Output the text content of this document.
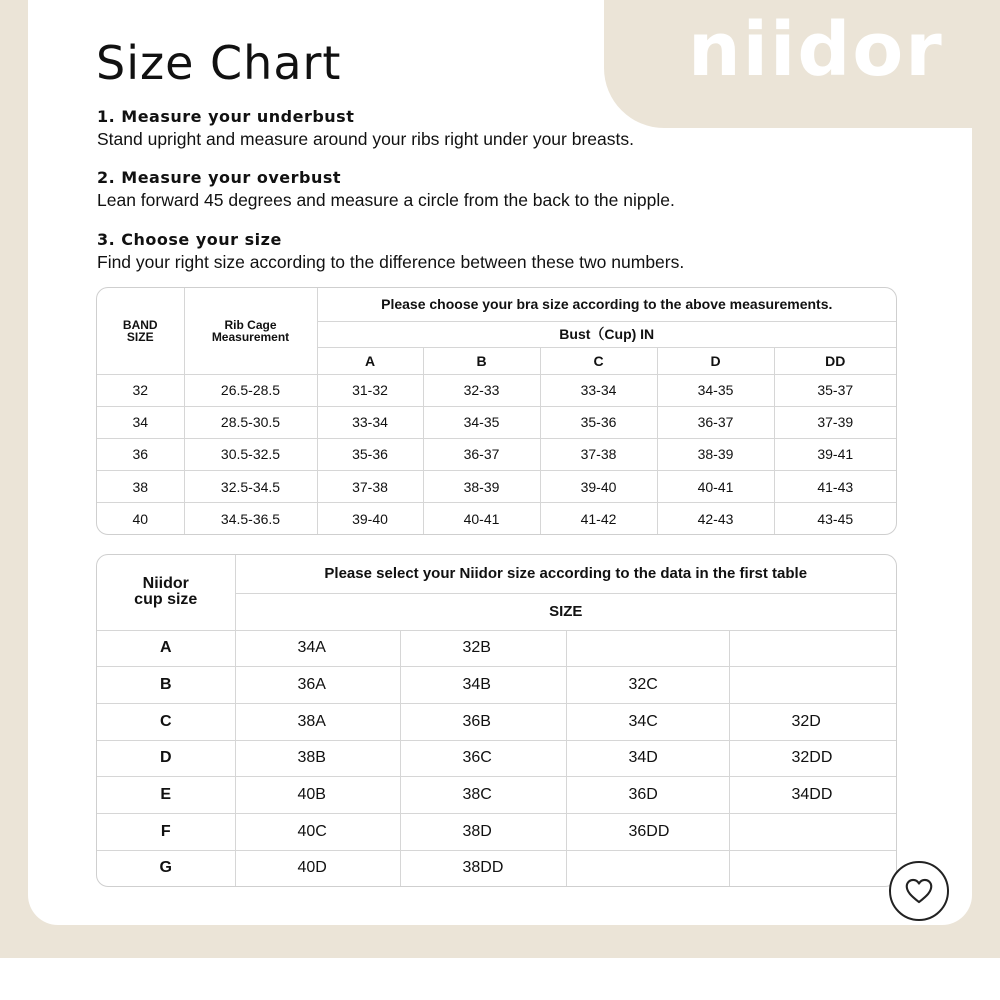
niidor
Size Chart
1. Measure your underbust
Stand upright and measure around your ribs right under your breasts.
2. Measure your overbust
Lean forward 45 degrees and measure a circle from the back to the nipple.
3. Choose your size
Find your right size according to the difference between these two numbers.
BAND SIZE	Rib Cage Measurement	Please choose your bra size according to the above measurements.				
		Bust（Cup) IN				
		A	B	C	D	DD
32	26.5-28.5	31-32	32-33	33-34	34-35	35-37
34	28.5-30.5	33-34	34-35	35-36	36-37	37-39
36	30.5-32.5	35-36	36-37	37-38	38-39	39-41
38	32.5-34.5	37-38	38-39	39-40	40-41	41-43
40	34.5-36.5	39-40	40-41	41-42	42-43	43-45
Niidor cup size	Please select your Niidor size according to the data in the first table			
	SIZE			
A	34A	32B		
B	36A	34B	32C	
C	38A	36B	34C	32D
D	38B	36C	34D	32DD
E	40B	38C	36D	34DD
F	40C	38D	36DD	
G	40D	38DD		
